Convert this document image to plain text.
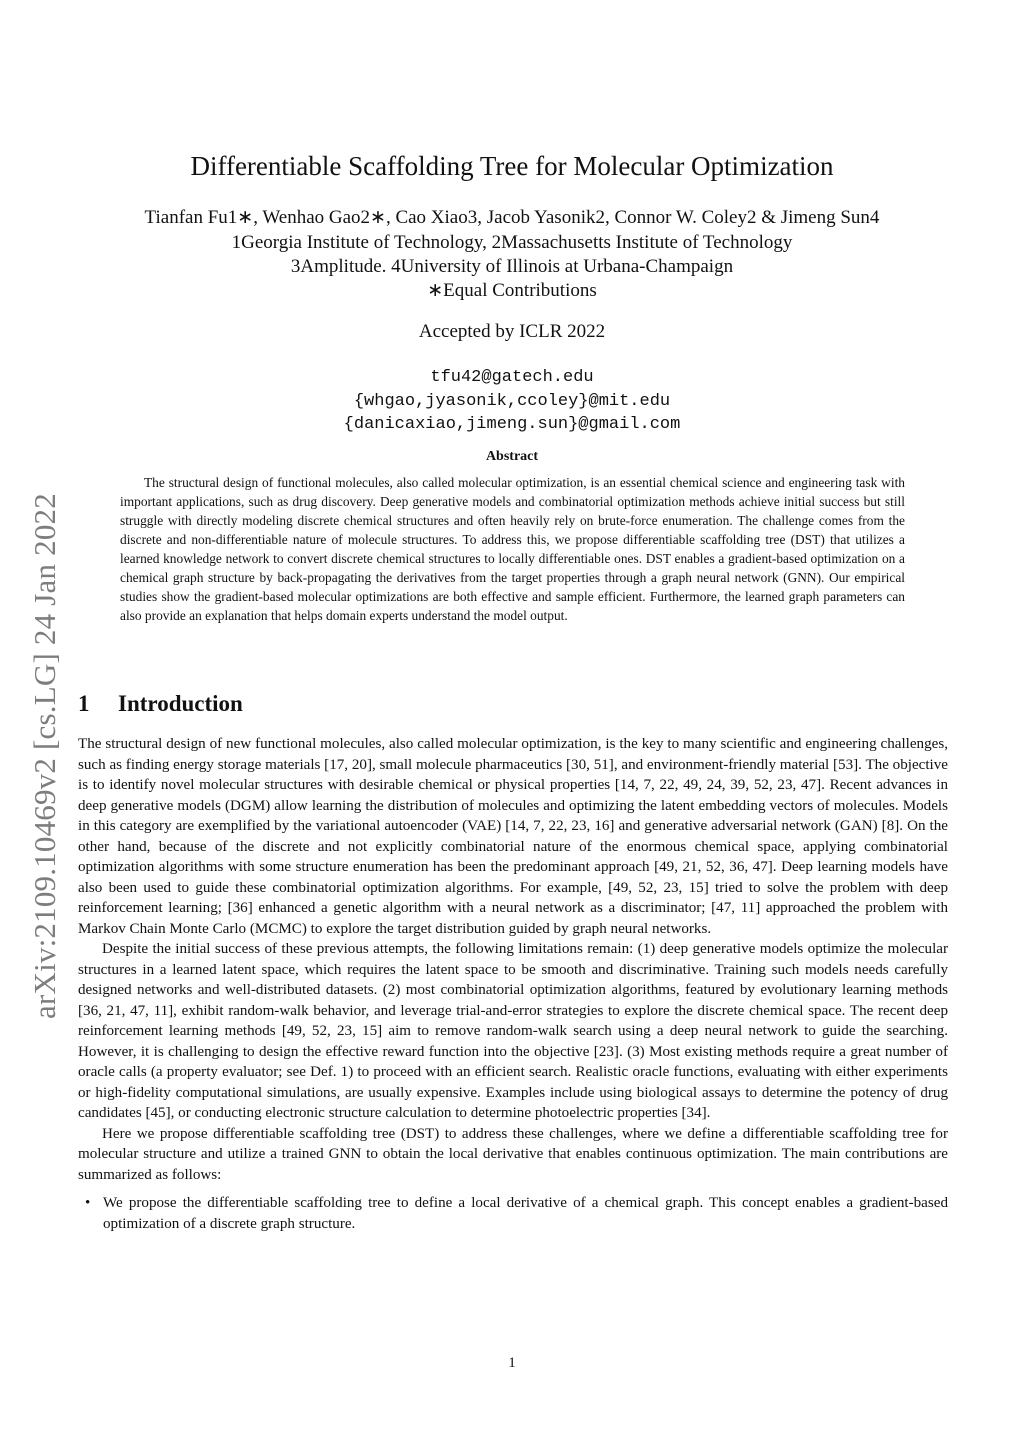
arXiv:2109.10469v2 [cs.LG] 24 Jan 2022
Differentiable Scaffolding Tree for Molecular Optimization
Tianfan Fu1∗, Wenhao Gao2∗, Cao Xiao3, Jacob Yasonik2, Connor W. Coley2 & Jimeng Sun4
1Georgia Institute of Technology, 2Massachusetts Institute of Technology
3Amplitude. 4University of Illinois at Urbana-Champaign
∗Equal Contributions
Accepted by ICLR 2022
tfu42@gatech.edu
{whgao,jyasonik,ccoley}@mit.edu
{danicaxiao,jimeng.sun}@gmail.com
Abstract

The structural design of functional molecules, also called molecular optimization, is an essential chemical science and engineering task with important applications, such as drug discovery. Deep generative models and combinatorial optimization methods achieve initial success but still struggle with directly modeling discrete chemical structures and often heavily rely on brute-force enumeration. The challenge comes from the discrete and non-differentiable nature of molecule structures. To address this, we propose differentiable scaffolding tree (DST) that utilizes a learned knowledge network to convert discrete chemical structures to locally differentiable ones. DST enables a gradient-based optimization on a chemical graph structure by back-propagating the derivatives from the target properties through a graph neural network (GNN). Our empirical studies show the gradient-based molecular optimizations are both effective and sample efficient. Furthermore, the learned graph parameters can also provide an explanation that helps domain experts understand the model output.

1 Introduction

The structural design of new functional molecules, also called molecular optimization, is the key to many scientific and engineering challenges, such as finding energy storage materials [17, 20], small molecule pharmaceutics [30, 51], and environment-friendly material [53]. The objective is to identify novel molecular structures with desirable chemical or physical properties [14, 7, 22, 49, 24, 39, 52, 23, 47]. Recent advances in deep generative models (DGM) allow learning the distribution of molecules and optimizing the latent embedding vectors of molecules. Models in this category are exemplified by the variational autoencoder (VAE) [14, 7, 22, 23, 16] and generative adversarial network (GAN) [8]. On the other hand, because of the discrete and not explicitly combinatorial nature of the enormous chemical space, applying combinatorial optimization algorithms with some structure enumeration has been the predominant approach [49, 21, 52, 36, 47]. Deep learning models have also been used to guide these combinatorial optimization algorithms. For example, [49, 52, 23, 15] tried to solve the problem with deep reinforcement learning; [36] enhanced a genetic algorithm with a neural network as a discriminator; [47, 11] approached the problem with Markov Chain Monte Carlo (MCMC) to explore the target distribution guided by graph neural networks.

Despite the initial success of these previous attempts, the following limitations remain: (1) deep generative models optimize the molecular structures in a learned latent space, which requires the latent space to be smooth and discriminative. Training such models needs carefully designed networks and well-distributed datasets. (2) most combinatorial optimization algorithms, featured by evolutionary learning methods [36, 21, 47, 11], exhibit random-walk behavior, and leverage trial-and-error strategies to explore the discrete chemical space. The recent deep reinforcement learning methods [49, 52, 23, 15] aim to remove random-walk search using a deep neural network to guide the searching. However, it is challenging to design the effective reward function into the objective [23]. (3) Most existing methods require a great number of oracle calls (a property evaluator; see Def. 1) to proceed with an efficient search. Realistic oracle functions, evaluating with either experiments or high-fidelity computational simulations, are usually expensive. Examples include using biological assays to determine the potency of drug candidates [45], or conducting electronic structure calculation to determine photoelectric properties [34].

Here we propose differentiable scaffolding tree (DST) to address these challenges, where we define a differentiable scaffolding tree for molecular structure and utilize a trained GNN to obtain the local derivative that enables continuous optimization. The main contributions are summarized as follows:

• We propose the differentiable scaffolding tree to define a local derivative of a chemical graph. This concept enables a gradient-based optimization of a discrete graph structure.
1
